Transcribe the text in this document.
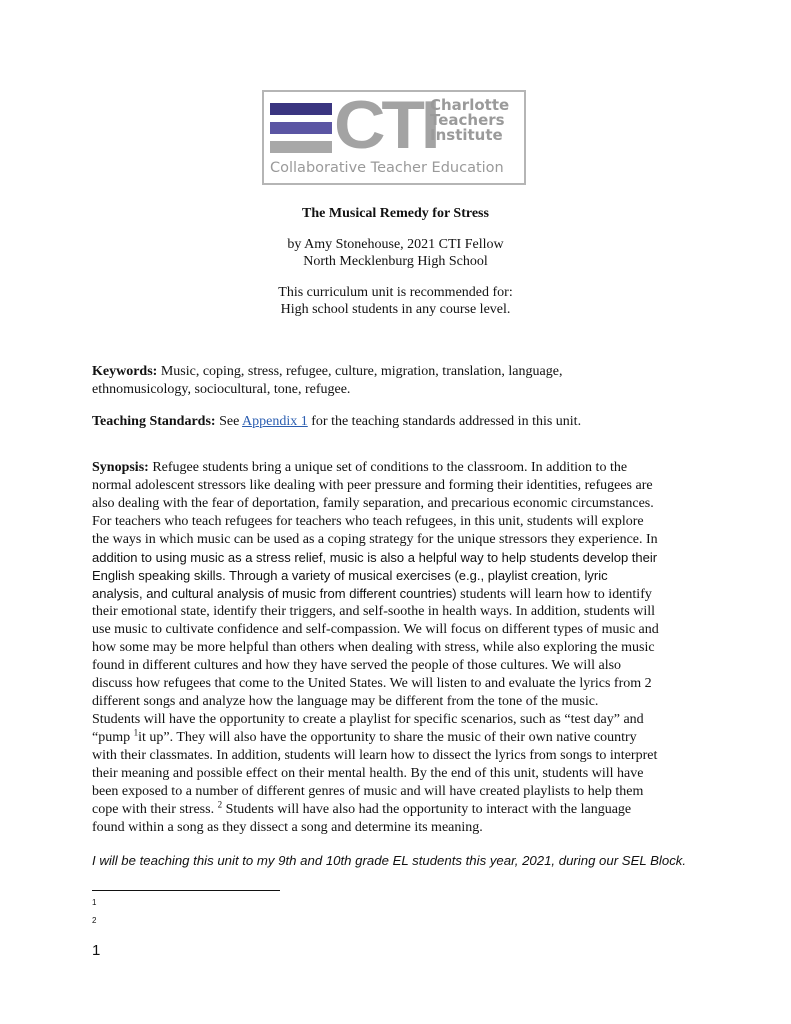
CTI
Charlotte
Teachers
Institute
Collaborative Teacher Education
The Musical Remedy for Stress
by Amy Stonehouse, 2021 CTI Fellow
North Mecklenburg High School
This curriculum unit is recommended for:
High school students in any course level.
Keywords: Music, coping, stress, refugee, culture, migration, translation, language,
ethnomusicology, sociocultural, tone, refugee.
Teaching Standards: See Appendix 1 for the teaching standards addressed in this unit.
Synopsis: Refugee students bring a unique set of conditions to the classroom. In addition to the
normal adolescent stressors like dealing with peer pressure and forming their identities, refugees are
also dealing with the fear of deportation, family separation, and precarious economic circumstances.
For teachers who teach refugees for teachers who teach refugees, in this unit, students will explore
the ways in which music can be used as a coping strategy for the unique stressors they experience. In
addition to using music as a stress relief, music is also a helpful way to help students develop their
English speaking skills. Through a variety of musical exercises (e.g., playlist creation, lyric
analysis, and cultural analysis of music from different countries) students will learn how to identify
their emotional state, identify their triggers, and self-soothe in health ways. In addition, students will
use music to cultivate confidence and self-compassion. We will focus on different types of music and
how some may be more helpful than others when dealing with stress, while also exploring the music
found in different cultures and how they have served the people of those cultures. We will also
discuss how refugees that come to the United States. We will listen to and evaluate the lyrics from 2
different songs and analyze how the language may be different from the tone of the music.
Students will have the opportunity to create a playlist for specific scenarios, such as “test day” and
“pump $^1$it up”. They will also have the opportunity to share the music of their own native country
with their classmates. In addition, students will learn how to dissect the lyrics from songs to interpret
their meaning and possible effect on their mental health. By the end of this unit, students will have
been exposed to a number of different genres of music and will have created playlists to help them
cope with their stress. $^2$ Students will have also had the opportunity to interact with the language
found within a song as they dissect a song and determine its meaning.
I will be teaching this unit to my 9th and 10th grade EL students this year, 2021, during our SEL Block.
1
2
1
